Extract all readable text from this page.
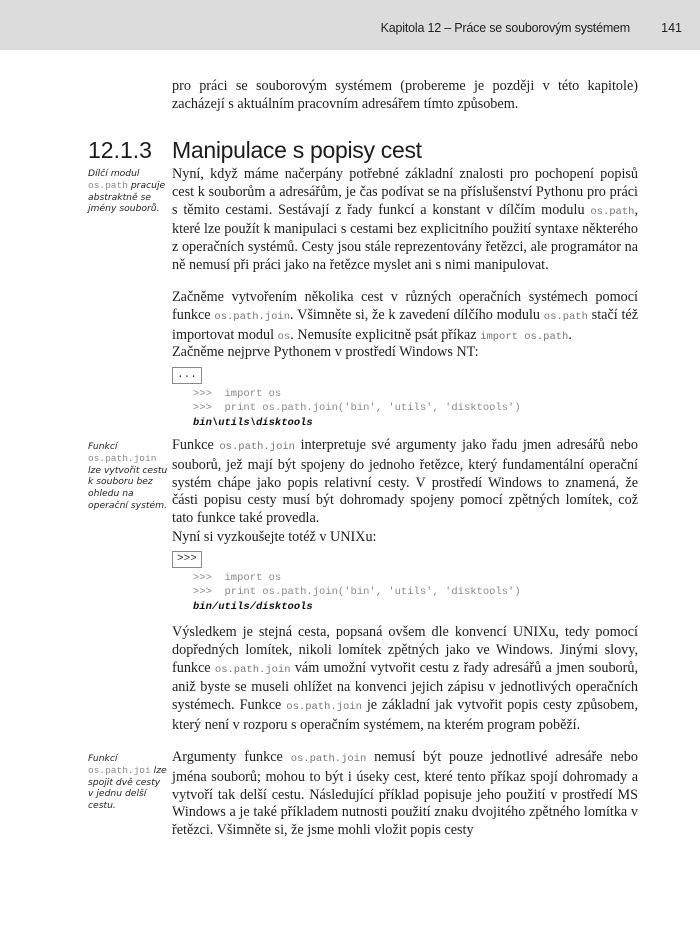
Kapitola 12 – Práce se souborovým systémem 141

pro práci se souborovým systémem (probereme je později v této kapitole)

zacházejí s aktuálním pracovním adresářem tímto způsobem.

12.1.3 Manipulace s popisy cest
Dílčí modul os.path pracuje abstraktně se jmény souborů.

Nyní, když máme načerpány potřebné základní znalosti pro pochopení popisů cest k souborům a adresářům, je čas podívat se na příslušenství Pythonu pro práci s těmito cestami. Sestávají z řady funkcí a konstant v dílčím modulu os.path, které lze použít k manipulaci s cestami bez explicitního použití syntaxe některého z operačních systémů. Cesty jsou stále reprezentovány řetězci, ale programátor na ně nemusí při práci jako na řetězce myslet ani s nimi manipulovat.

Začněme vytvořením několika cest v různých operačních systémech pomocí funkce os.path.join. Všimněte si, že k zavedení dílčího modulu os.path stačí též importovat modul os. Nemusíte explicitně psát příkaz import os.path.

Začněme nejprve Pythonem v prostředí Windows NT:

...
>>>  import os
>>>  print os.path.join('bin', 'utils', 'disktools')
bin\utils\disktools
Funkcí os.path.join lze vytvořit cestu k souboru bez ohledu na operační systém.

Funkce os.path.join interpretuje své argumenty jako řadu jmen adresářů nebo souborů, jež mají být spojeny do jednoho řetězce, který fundamentální operační systém chápe jako popis relativní cesty. V prostředí Windows to znamená, že části popisu cesty musí být dohromady spojeny pomocí zpětných lomítek, což tato funkce také provedla.

Nyní si vyzkoušejte totéž v UNIXu:

>>>
>>>  import os
>>>  print os.path.join('bin', 'utils', 'disktools')
bin/utils/disktools

Výsledkem je stejná cesta, popsaná ovšem dle konvencí UNIXu, tedy pomocí dopředných lomítek, nikoli lomítek zpětných jako ve Windows. Jinými slovy, funkce os.path.join vám umožní vytvořit cestu z řady adresářů a jmen souborů, aniž byste se museli ohlížet na konvenci jejich zápisu v jednotlivých operačních systémech. Funkce os.path.join je základní jak vytvořit popis cesty způsobem, který není v rozporu s operačním systémem, na kterém program poběží.

Funkcí os.path.joi lze spojit dvě cesty v jednu delší cestu.

Argumenty funkce os.path.join nemusí být pouze jednotlivé adresáře nebo jména souborů; mohou to být i úseky cest, které tento příkaz spojí dohromady a vytvoří tak delší cestu. Následující příklad popisuje jeho použití v prostředí MS Windows a je také příkladem nutnosti použití znaku dvojitého zpětného lomítka v řetězci. Všimněte si, že jsme mohli vložit popis cesty
